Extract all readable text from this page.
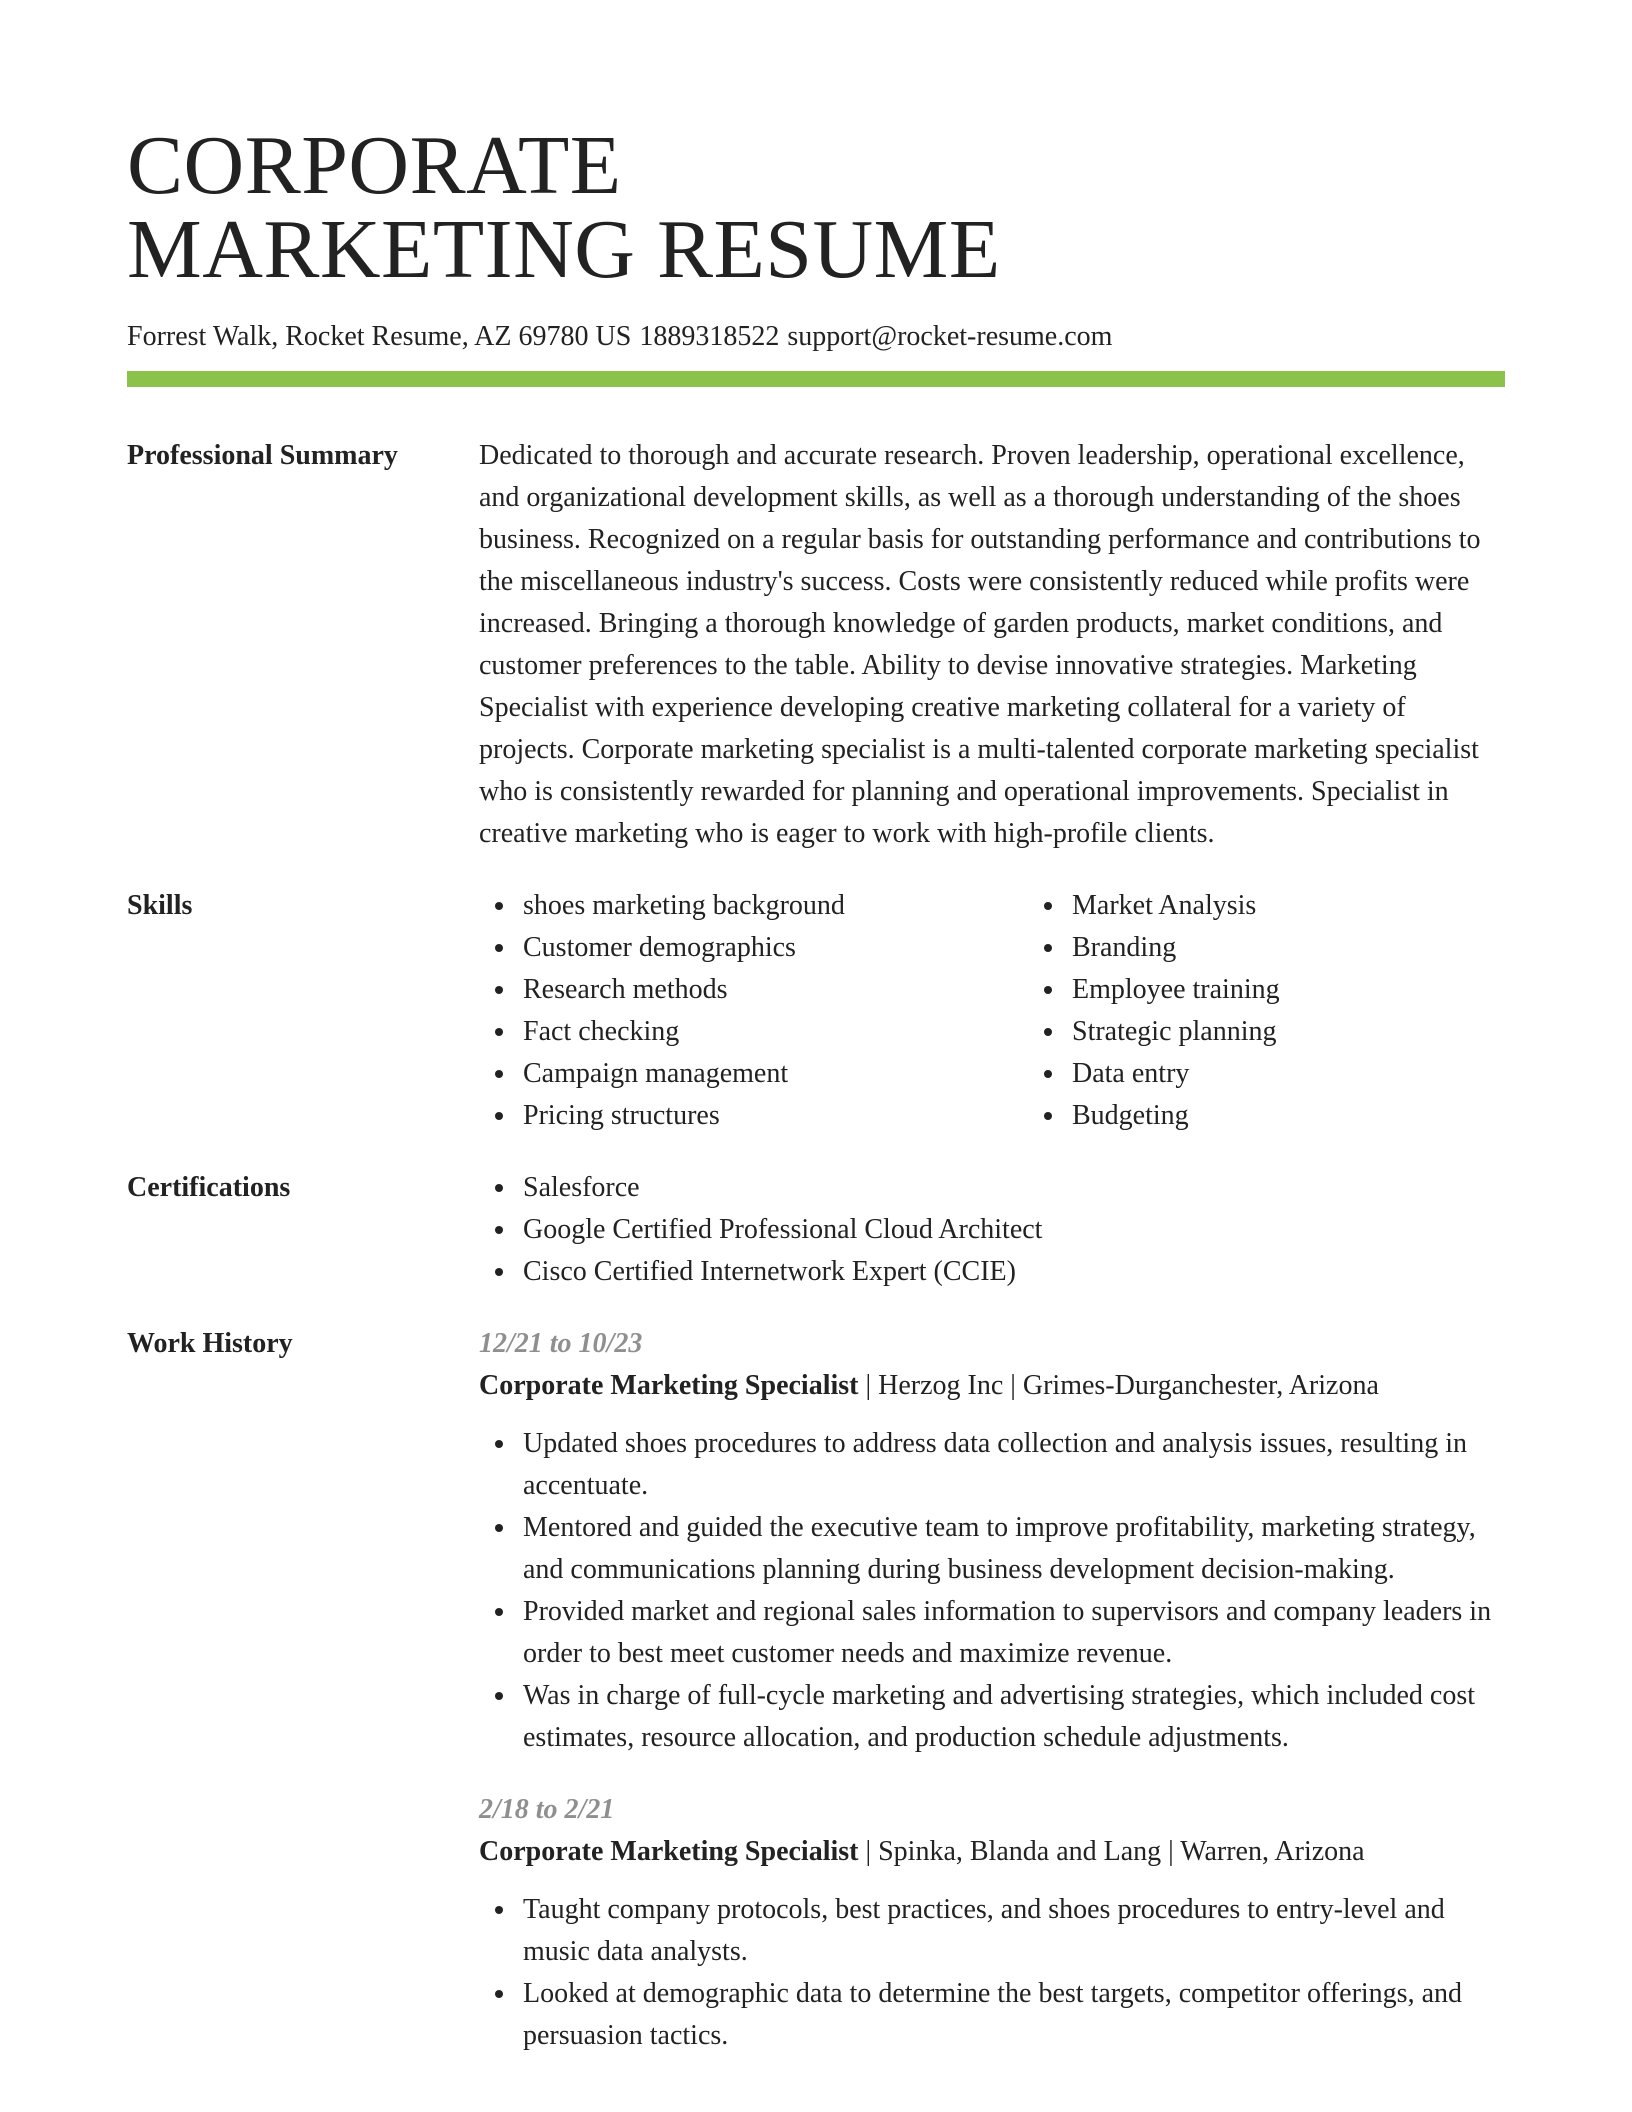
CORPORATE
MARKETING RESUME
Forrest Walk, Rocket Resume, AZ 69780 US 1889318522 support@rocket-resume.com
Professional Summary	Dedicated to thorough and accurate research. Proven leadership, operational excellence, and organizational development skills, as well as a thorough understanding of the shoes business. Recognized on a regular basis for outstanding performance and contributions to the miscellaneous industry's success. Costs were consistently reduced while profits were increased. Bringing a thorough knowledge of garden products, market conditions, and customer preferences to the table. Ability to devise innovative strategies. Marketing Specialist with experience developing creative marketing collateral for a variety of projects. Corporate marketing specialist is a multi-talented corporate marketing specialist who is consistently rewarded for planning and operational improvements. Specialist in creative marketing who is eager to work with high-profile clients.
Skills	shoes marketing background
Customer demographics
Research methods
Fact checking
Campaign management
Pricing structures
Market Analysis
Branding
Employee training
Strategic planning
Data entry
Budgeting
Certifications	Salesforce
Google Certified Professional Cloud Architect
Cisco Certified Internetwork Expert (CCIE)
Work History	12/21 to 10/23
Corporate Marketing Specialist | Herzog Inc | Grimes-Durganchester, Arizona
Updated shoes procedures to address data collection and analysis issues, resulting in accentuate.
Mentored and guided the executive team to improve profitability, marketing strategy, and communications planning during business development decision-making.
Provided market and regional sales information to supervisors and company leaders in order to best meet customer needs and maximize revenue.
Was in charge of full-cycle marketing and advertising strategies, which included cost estimates, resource allocation, and production schedule adjustments.
2/18 to 2/21
Corporate Marketing Specialist | Spinka, Blanda and Lang | Warren, Arizona
Taught company protocols, best practices, and shoes procedures to entry-level and music data analysts.
Looked at demographic data to determine the best targets, competitor offerings, and persuasion tactics.
